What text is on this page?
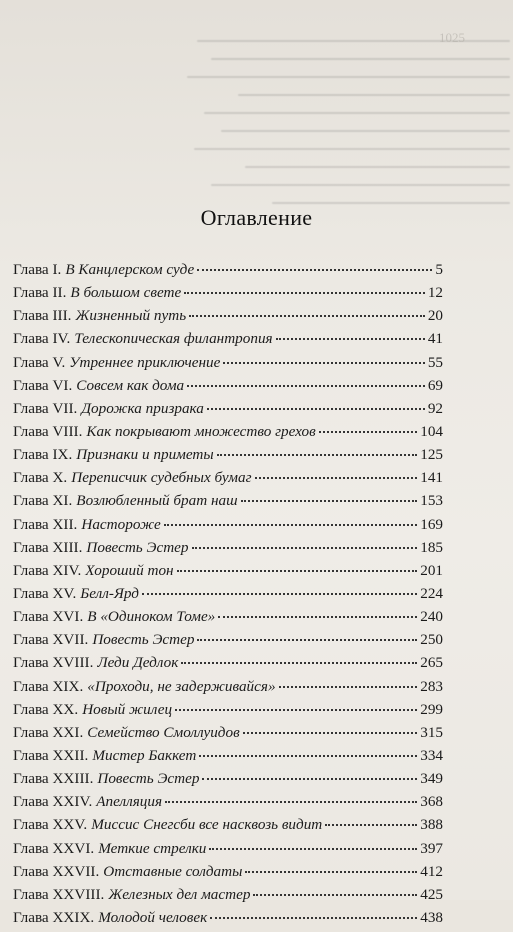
1025
Оглавление
Глава I. В Канцлерском суде	5
Глава II. В большом свете	12
Глава III. Жизненный путь	20
Глава IV. Телескопическая филантропия	41
Глава V. Утреннее приключение	55
Глава VI. Совсем как дома	69
Глава VII. Дорожка призрака	92
Глава VIII. Как покрывают множество грехов	104
Глава IX. Признаки и приметы	125
Глава X. Переписчик судебных бумаг	141
Глава XI. Возлюбленный брат наш	153
Глава XII. Настороже	169
Глава XIII. Повесть Эстер	185
Глава XIV. Хороший тон	201
Глава XV. Белл-Ярд	224
Глава XVI. В «Одиноком Томе»	240
Глава XVII. Повесть Эстер	250
Глава XVIII. Леди Дедлок	265
Глава XIX. «Проходи, не задерживайся»	283
Глава XX. Новый жилец	299
Глава XXI. Семейство Смоллуидов	315
Глава XXII. Мистер Баккет	334
Глава XXIII. Повесть Эстер	349
Глава XXIV. Апелляция	368
Глава XXV. Миссис Снегсби все насквозь видит	388
Глава XXVI. Меткие стрелки	397
Глава XXVII. Отставные солдаты	412
Глава XXVIII. Железных дел мастер	425
Глава XXIX. Молодой человек	438
